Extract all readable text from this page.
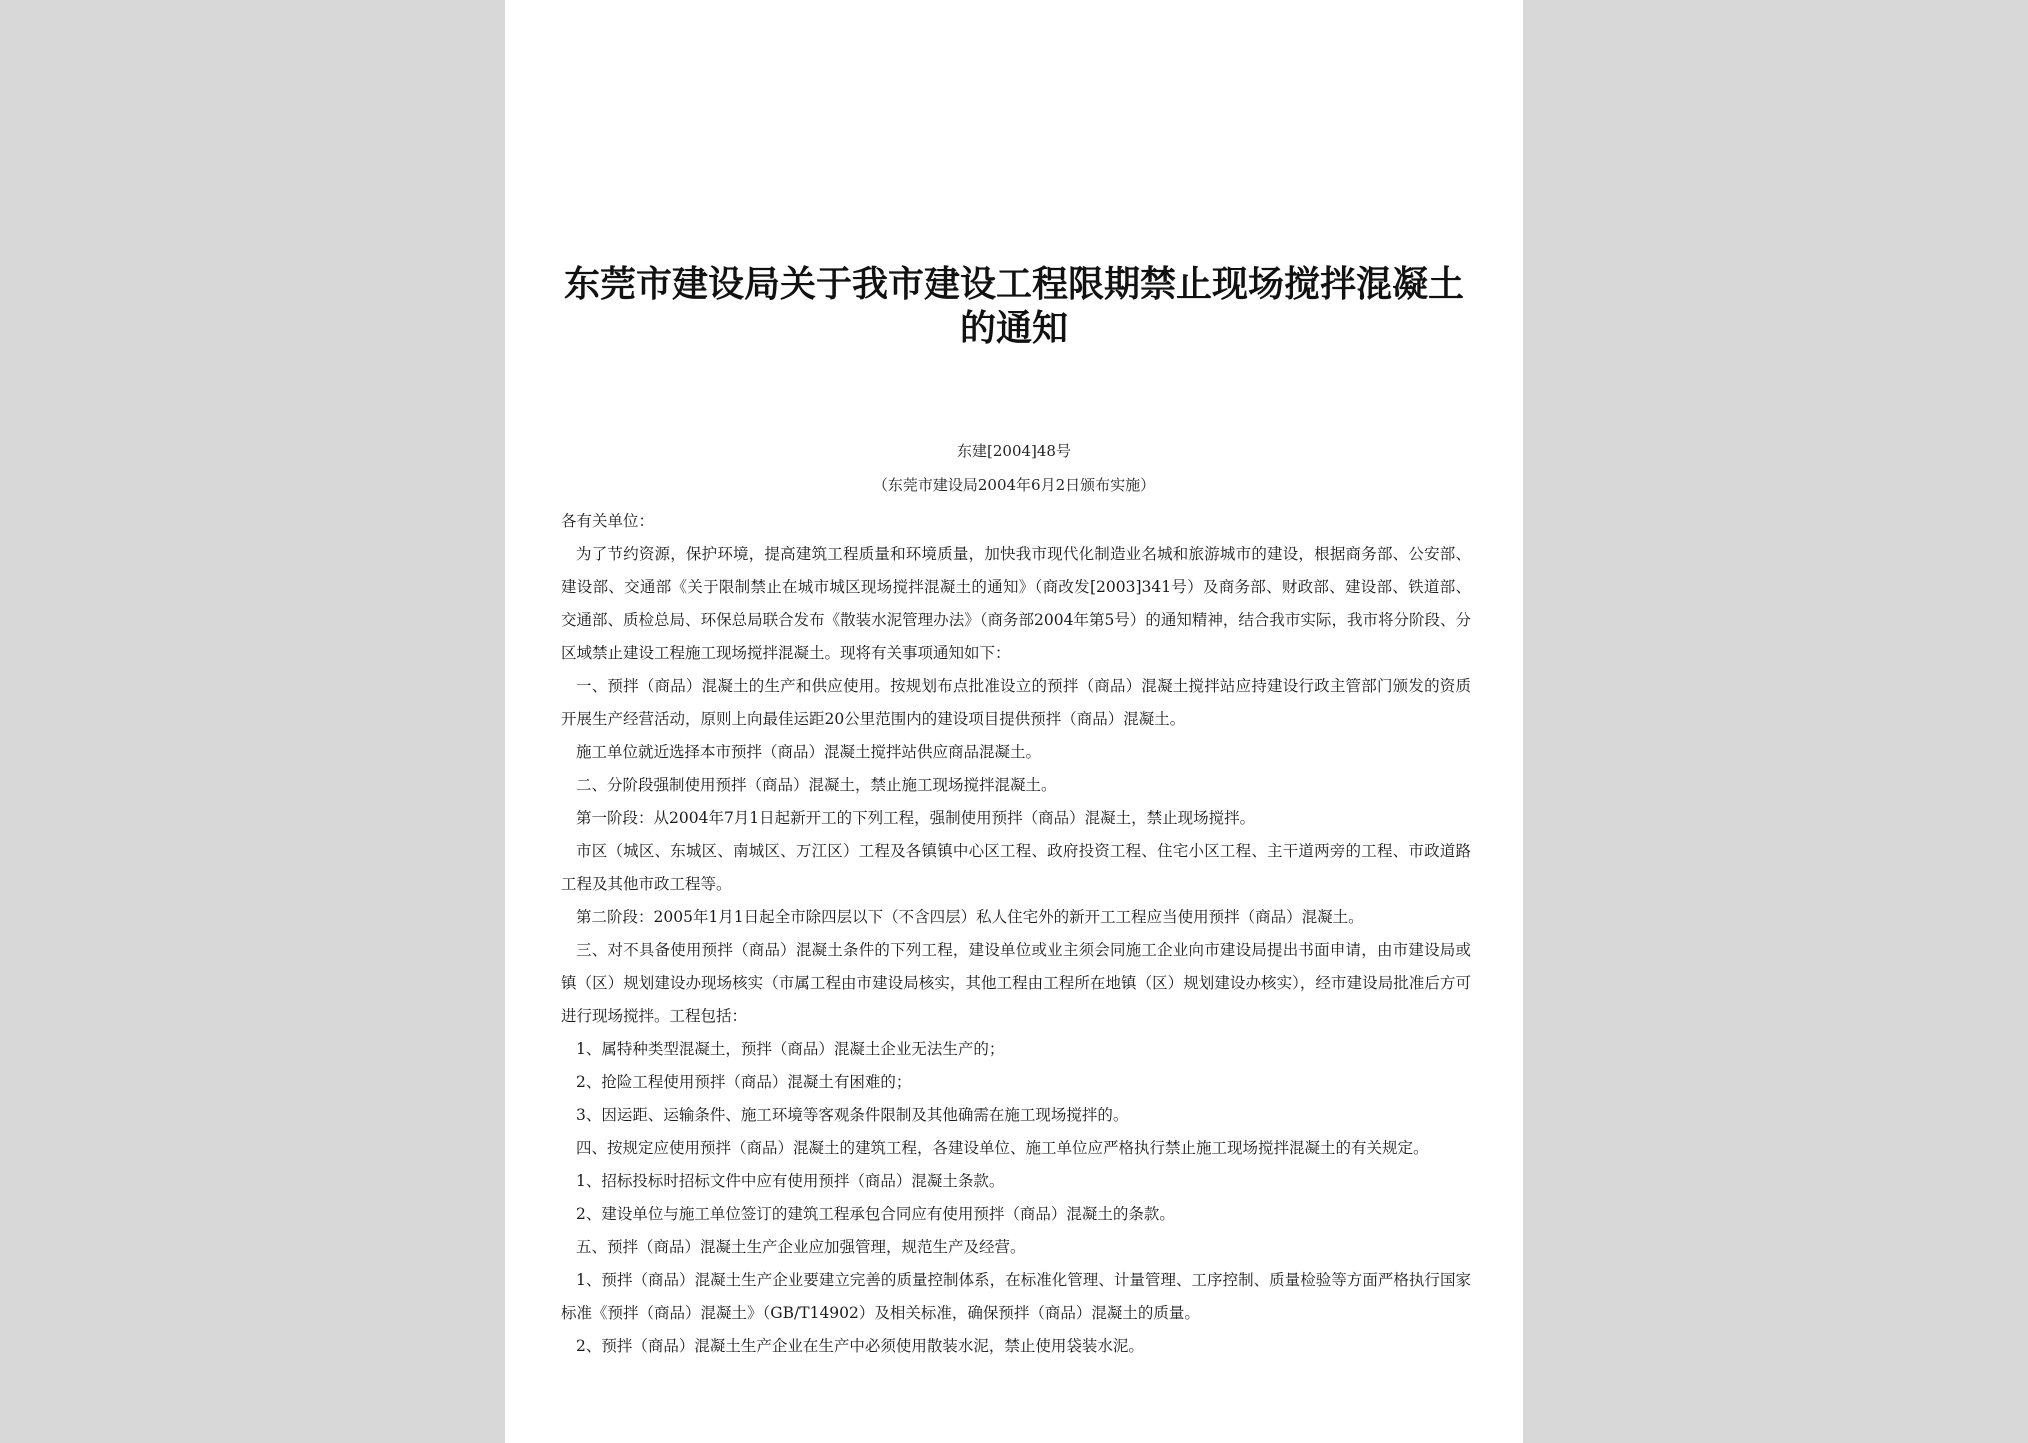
东莞市建设局关于我市建设工程限期禁止现场搅拌混凝土的通知
东建[2004]48号
（东莞市建设局2004年6月2日颁布实施）

各有关单位：

为了节约资源，保护环境，提高建筑工程质量和环境质量，加快我市现代化制造业名城和旅游城市的建设，根据商务部、公安部、建设部、交通部《关于限制禁止在城市城区现场搅拌混凝土的通知》（商改发[2003]341号）及商务部、财政部、建设部、铁道部、交通部、质检总局、环保总局联合发布《散装水泥管理办法》（商务部2004年第5号）的通知精神，结合我市实际，我市将分阶段、分区域禁止建设工程施工现场搅拌混凝土。现将有关事项通知如下：

一、预拌（商品）混凝土的生产和供应使用。按规划布点批准设立的预拌（商品）混凝土搅拌站应持建设行政主管部门颁发的资质开展生产经营活动，原则上向最佳运距20公里范围内的建设项目提供预拌（商品）混凝土。

施工单位就近选择本市预拌（商品）混凝土搅拌站供应商品混凝土。

二、分阶段强制使用预拌（商品）混凝土，禁止施工现场搅拌混凝土。

第一阶段：从2004年7月1日起新开工的下列工程，强制使用预拌（商品）混凝土，禁止现场搅拌。

市区（城区、东城区、南城区、万江区）工程及各镇镇中心区工程、政府投资工程、住宅小区工程、主干道两旁的工程、市政道路工程及其他市政工程等。

第二阶段：2005年1月1日起全市除四层以下（不含四层）私人住宅外的新开工工程应当使用预拌（商品）混凝土。

三、对不具备使用预拌（商品）混凝土条件的下列工程，建设单位或业主须会同施工企业向市建设局提出书面申请，由市建设局或镇（区）规划建设办现场核实（市属工程由市建设局核实，其他工程由工程所在地镇（区）规划建设办核实），经市建设局批准后方可进行现场搅拌。工程包括：

1、属特种类型混凝土，预拌（商品）混凝土企业无法生产的；

2、抢险工程使用预拌（商品）混凝土有困难的；

3、因运距、运输条件、施工环境等客观条件限制及其他确需在施工现场搅拌的。

四、按规定应使用预拌（商品）混凝土的建筑工程，各建设单位、施工单位应严格执行禁止施工现场搅拌混凝土的有关规定。

1、招标投标时招标文件中应有使用预拌（商品）混凝土条款。

2、建设单位与施工单位签订的建筑工程承包合同应有使用预拌（商品）混凝土的条款。

五、预拌（商品）混凝土生产企业应加强管理，规范生产及经营。

1、预拌（商品）混凝土生产企业要建立完善的质量控制体系，在标准化管理、计量管理、工序控制、质量检验等方面严格执行国家标准《预拌（商品）混凝土》（GB/T14902）及相关标准，确保预拌（商品）混凝土的质量。

2、预拌（商品）混凝土生产企业在生产中必须使用散装水泥，禁止使用袋装水泥。
